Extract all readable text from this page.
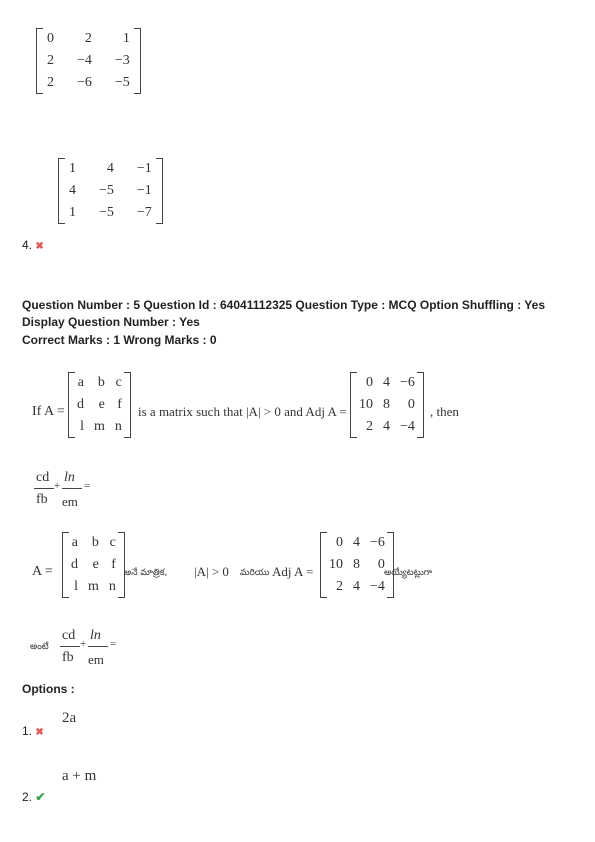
0	2	1
2	−4	−3
2	−6	−5
1	4	−1
4	−5	−1
1	−5	−7
4. ✖
Question Number : 5 Question Id : 64041112325 Question Type : MCQ Option Shuffling : Yes
Display Question Number : Yes
Correct Marks : 1 Wrong Marks : 0
If A =
a	b	c
d	e	f
l	m	n
is a matrix such that |A| > 0 and Adj A =
0	4	−6
10	8	0
2	4	−4
, then
cd ln
+ =
fb em
A =
a	b	c
d	e	f
l	m	n
అనే మాత్రిక, |A| > 0 మరియు Adj A =
0	4	−6
10	8	0
2	4	−4
అయ్యేటట్లుగా
అంటే
cd ln
+ =
fb em
Options :
2a
1. ✖
a + m
2. ✔
